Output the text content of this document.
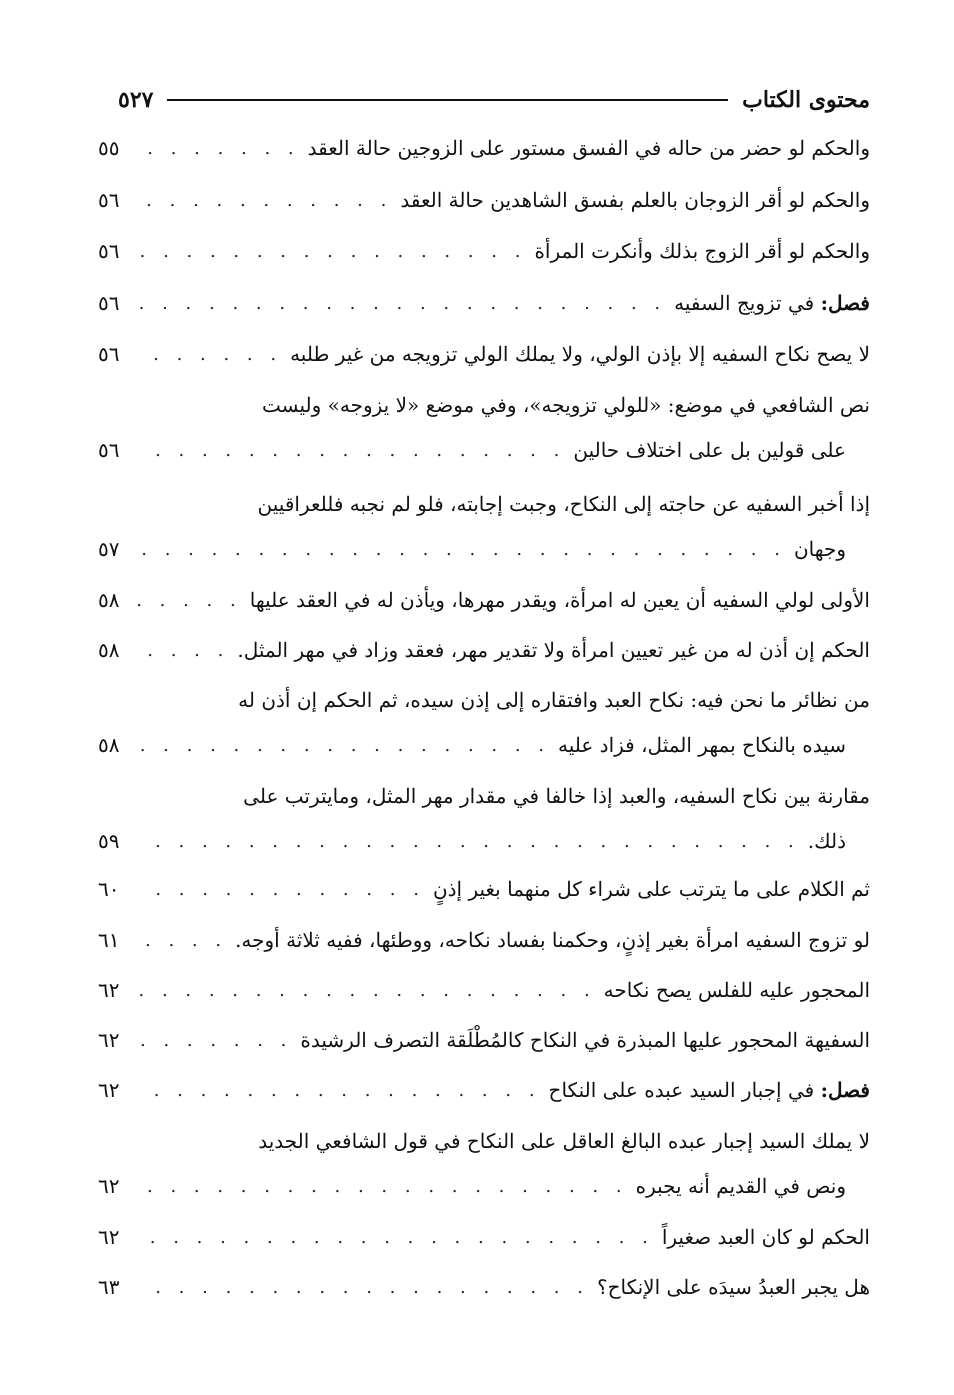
محتوى الكتاب
٥٢٧
والحكم لو حضر من حاله في الفسق مستور على الزوجين حالة العقد
. . .
٥٥
والحكم لو أقر الزوجان بالعلم بفسق الشاهدين حالة العقد
. . .
٥٦
والحكم لو أقر الزوج بذلك وأنكرت المرأة
. . .
٥٦
فصل: في تزويج السفيه
. . .
٥٦
لا يصح نكاح السفيه إلا بإذن الولي، ولا يملك الولي تزويجه من غير طلبه
. . .
٥٦
نص الشافعي في موضع: «للولي تزويجه»، وفي موضع «لا يزوجه» وليست
على قولين بل على اختلاف حالين
. . .
٥٦
إذا أخبر السفيه عن حاجته إلى النكاح، وجبت إجابته، فلو لم نجبه فللعراقيين
وجهان
. . .
٥٧
الأولى لولي السفيه أن يعين له امرأة، ويقدر مهرها، ويأذن له في العقد عليها
. . .
٥٨
الحكم إن أذن له من غير تعيين امرأة ولا تقدير مهر، فعقد وزاد في مهر المثل.
. . .
٥٨
من نظائر ما نحن فيه: نكاح العبد وافتقاره إلى إذن سيده، ثم الحكم إن أذن له
سيده بالنكاح بمهر المثل، فزاد عليه
. . .
٥٨
مقارنة بين نكاح السفيه، والعبد إذا خالفا في مقدار مهر المثل، ومايترتب على
ذلك.
. . .
٥٩
ثم الكلام على ما يترتب على شراء كل منهما بغير إذنٍ
. . .
٦٠
لو تزوج السفيه امرأة بغير إذنٍ، وحكمنا بفساد نكاحه، ووطئها، ففيه ثلاثة أوجه.
. . .
٦١
المحجور عليه للفلس يصح نكاحه
. . .
٦٢
السفيهة المحجور عليها المبذرة في النكاح كالمُطْلَقة التصرف الرشيدة
. . .
٦٢
فصل: في إجبار السيد عبده على النكاح
. . .
٦٢
لا يملك السيد إجبار عبده البالغ العاقل على النكاح في قول الشافعي الجديد
ونص في القديم أنه يجبره
. . .
٦٢
الحكم لو كان العبد صغيراً
. . .
٦٢
هل يجبر العبدُ سيدَه على الإنكاح؟
. . .
٦٣
